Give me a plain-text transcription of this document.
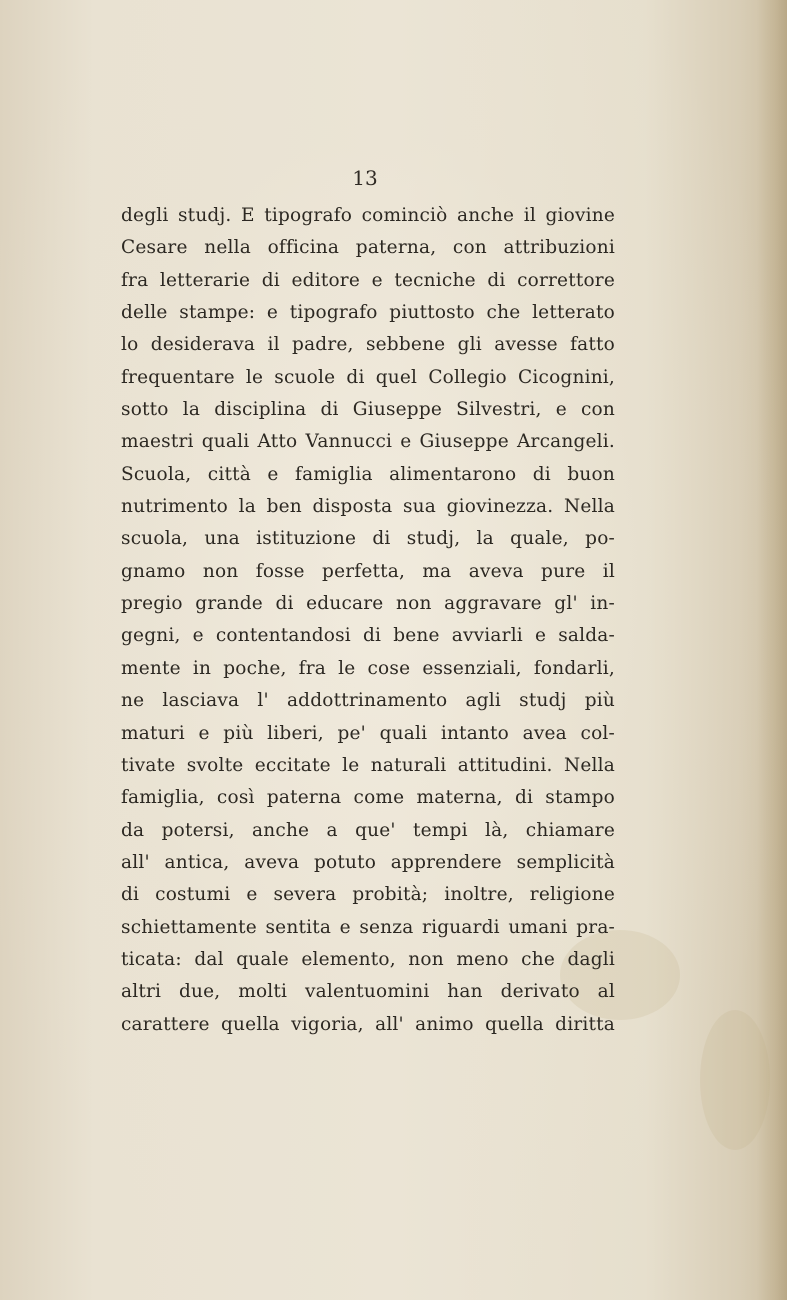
13
degli studj. E tipografo cominciò anche il giovine
Cesare nella officina paterna, con attribuzioni
fra letterarie di editore e tecniche di correttore
delle stampe: e tipografo piuttosto che letterato
lo desiderava il padre, sebbene gli avesse fatto
frequentare le scuole di quel Collegio Cicognini,
sotto la disciplina di Giuseppe Silvestri, e con
maestri quali Atto Vannucci e Giuseppe Arcangeli.
Scuola, città e famiglia alimentarono di buon
nutrimento la ben disposta sua giovinezza. Nella
scuola, una istituzione di studj, la quale, po-
gnamo non fosse perfetta, ma aveva pure il
pregio grande di educare non aggravare gl' in-
gegni, e contentandosi di bene avviarli e salda-
mente in poche, fra le cose essenziali, fondarli,
ne lasciava l' addottrinamento agli studj più
maturi e più liberi, pe' quali intanto avea col-
tivate svolte eccitate le naturali attitudini. Nella
famiglia, così paterna come materna, di stampo
da potersi, anche a que' tempi là, chiamare
all' antica, aveva potuto apprendere semplicità
di costumi e severa probità; inoltre, religione
schiettamente sentita e senza riguardi umani pra-
ticata: dal quale elemento, non meno che dagli
altri due, molti valentuomini han derivato al
carattere quella vigoria, all' animo quella diritta
